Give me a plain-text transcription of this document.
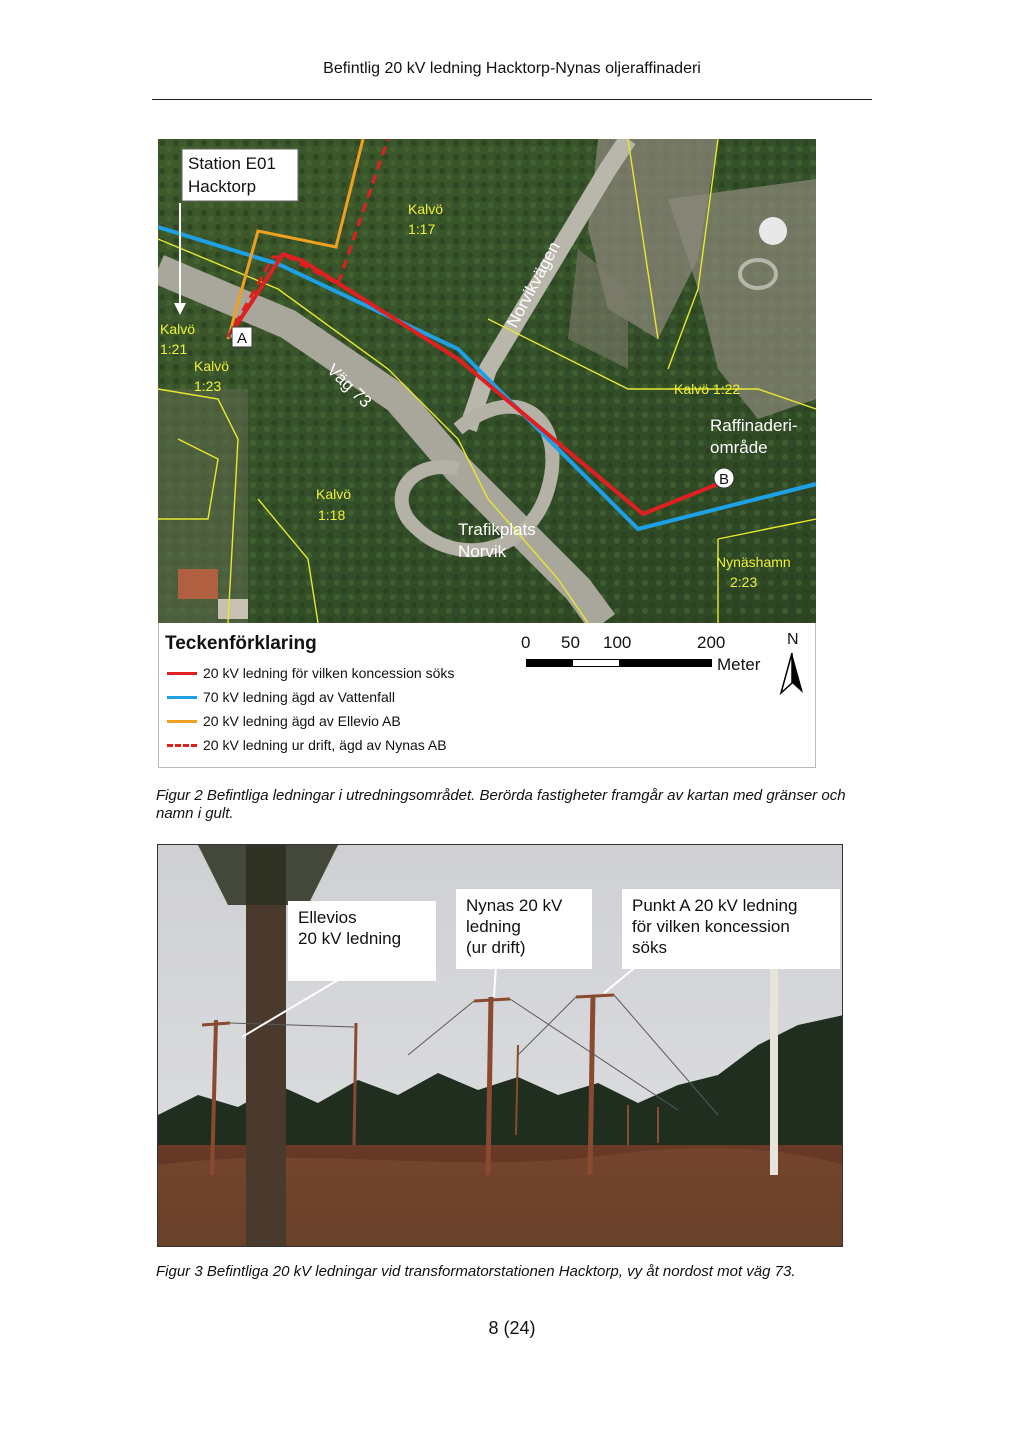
Befintlig 20 kV ledning Hacktorp-Nynas oljeraffinaderi
B
A
Station E01
Hacktorp
Kalvö
1:17
Kalvö
1:21
Kalvö
1:23
Kalvö
1:18
Kalvö 1:22
Nynäshamn
2:23
Norvikvägen
Väg 73
Raffinaderi-
område
Trafikplats
Norvik
Teckenförklaring
20 kV ledning för vilken koncession söks
70 kV ledning ägd av Vattenfall
20 kV ledning ägd av Ellevio AB
20 kV ledning ur drift, ägd av Nynas AB
0 50 100	200
Meter
N
Figur 2 Befintliga ledningar i utredningsområdet. Berörda fastigheter framgår av kartan med gränser och namn i gult.
Ellevios
20 kV ledning
Nynas 20 kV
ledning
(ur drift)
Punkt A 20 kV ledning
för vilken koncession
söks
Figur 3 Befintliga 20 kV ledningar vid transformatorstationen Hacktorp, vy åt nordost mot väg 73.
8 (24)
